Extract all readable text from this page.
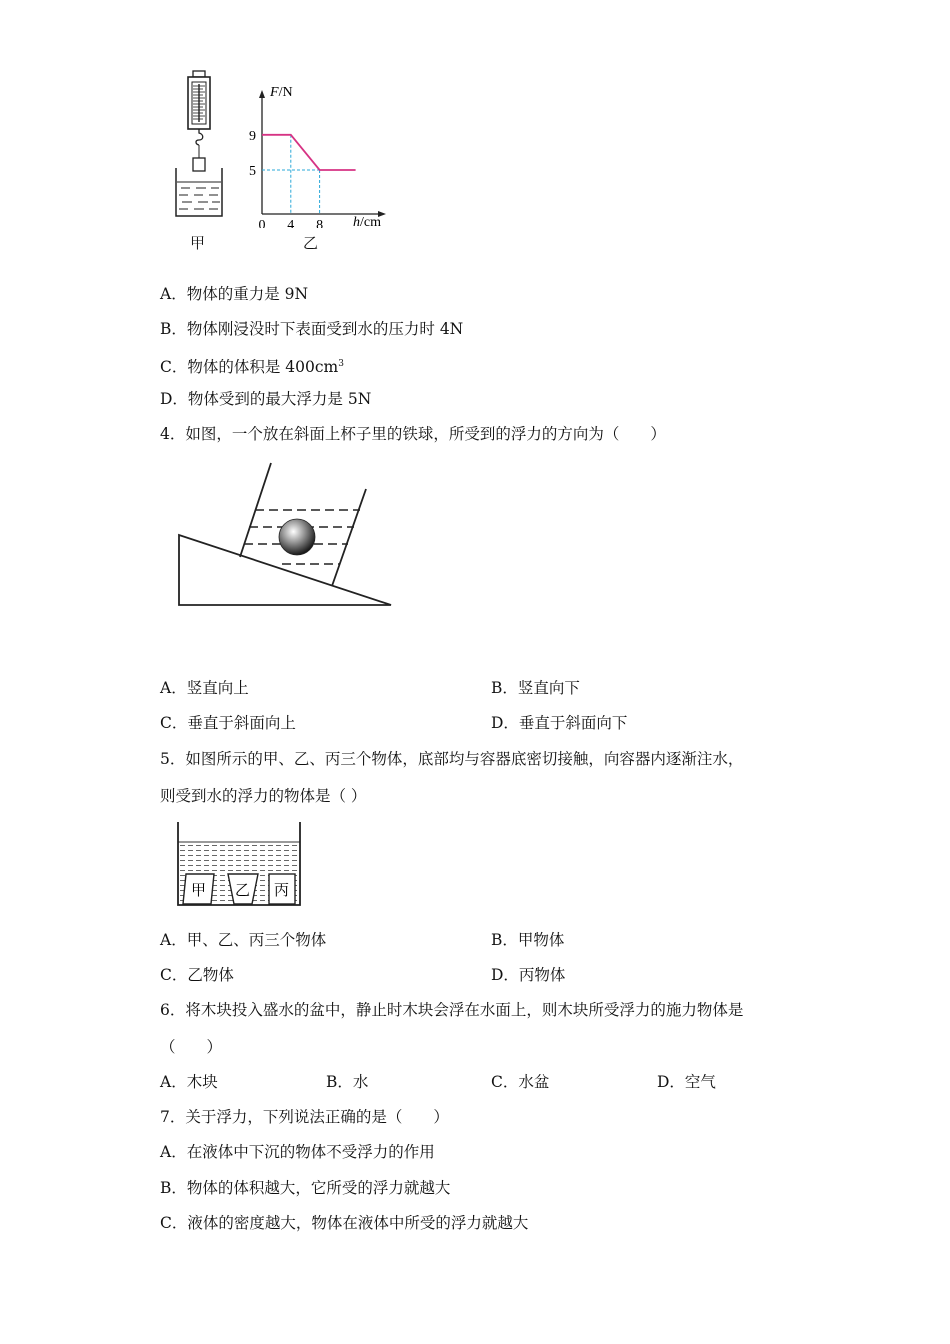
甲
0 4 8
9
5
F/N
h/cm
乙
A．物体的重力是 9N
B．物体刚浸没时下表面受到水的压力时 4N
C．物体的体积是 $400cm^3$
D．物体受到的最大浮力是 5N
4．如图，一个放在斜面上杯子里的铁球，所受到的浮力的方向为（　　）
A．竖直向上	B．竖直向下
C．垂直于斜面向上	D．垂直于斜面向下
5．如图所示的甲、乙、丙三个物体，底部均与容器底密切接触，向容器内逐渐注水，
则受到水的浮力的物体是（ ）
甲 乙 丙
A．甲、乙、丙三个物体	B．甲物体
C．乙物体	D．丙物体
6．将木块投入盛水的盆中，静止时木块会浮在水面上，则木块所受浮力的施力物体是
（　　）
A．木块	B．水	C．水盆	D．空气
7．关于浮力，下列说法正确的是（　　）
A．在液体中下沉的物体不受浮力的作用
B．物体的体积越大，它所受的浮力就越大
C．液体的密度越大，物体在液体中所受的浮力就越大
